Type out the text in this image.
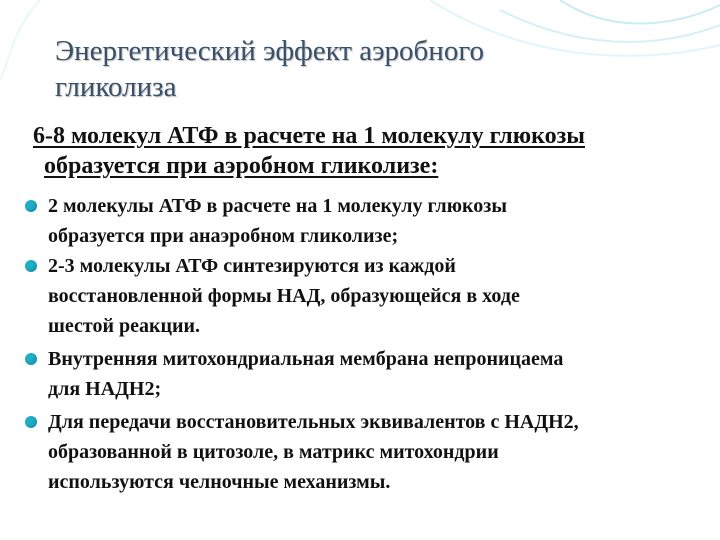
Энергетический эффект аэробного
гликолиза
6-8 молекул АТФ в расчете на 1 молекулу глюкозы
образуется при аэробном гликолизе:
2 молекулы АТФ в расчете на 1 молекулу глюкозы
образуется при анаэробном гликолизе;
2-3 молекулы АТФ синтезируются из каждой
восстановленной формы НАД, образующейся в ходе
шестой реакции.
Внутренняя митохондриальная мембрана непроницаема
для НАДН2;
Для передачи восстановительных эквивалентов с НАДН2,
образованной в цитозоле, в матрикс митохондрии
используются челночные механизмы.
